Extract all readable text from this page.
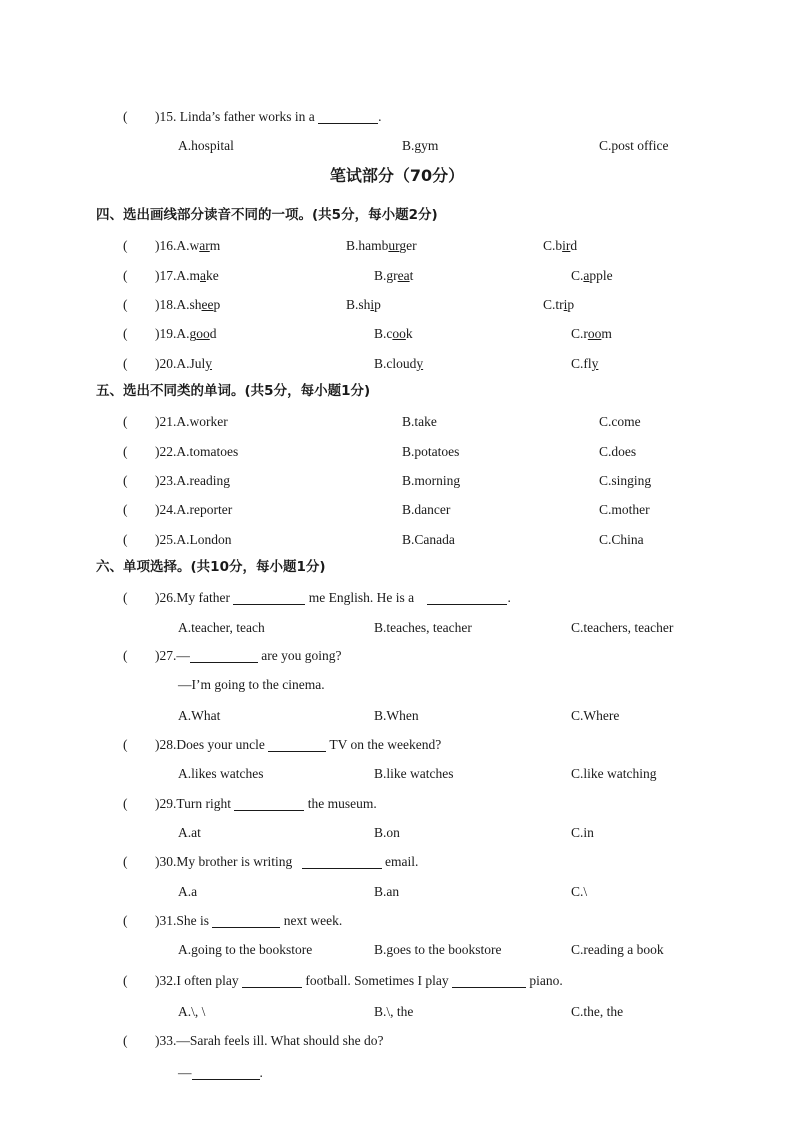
( )15. Linda’s father works in a	.
A.hospital	B.gym	C.post office
笔试部分（70分）
四、选出画线部分读音不同的一项。(共5分，每小题2分)
( )16.A.warm	B.hamburger	C.bird
( )17.A.make	B.great	C.apple
( )18.A.sheep	B.ship	C.trip
( )19.A.good	B.cook	C.room
( )20.A.July	B.cloudy	C.fly
五、选出不同类的单词。(共5分，每小题1分)
( )21.A.worker	B.take	C.come
( )22.A.tomatoes	B.potatoes	C.does
( )23.A.reading	B.morning	C.singing
( )24.A.reporter	B.dancer	C.mother
( )25.A.London	B.Canada	C.China
六、单项选择。(共10分，每小题1分)
( )26.My father	me English. He is a	.
A.teacher, teach	B.teaches, teacher	C.teachers, teacher
( )27.—	are you going?
—I’m going to the cinema.
A.What	B.When	C.Where
( )28.Does your uncle	TV on the weekend?
A.likes watches	B.like watches	C.like watching
( )29.Turn right	the museum.
A.at	B.on	C.in
( )30.My brother is writing	email.
A.a	B.an	C.\
( )31.She is	next week.
A.going to the bookstore	B.goes to the bookstore	C.reading a book
( )32.I often play	football. Sometimes I play	piano.
A.\, \	B.\, the	C.the, the
( )33.—Sarah feels ill. What should she do?
—	.
